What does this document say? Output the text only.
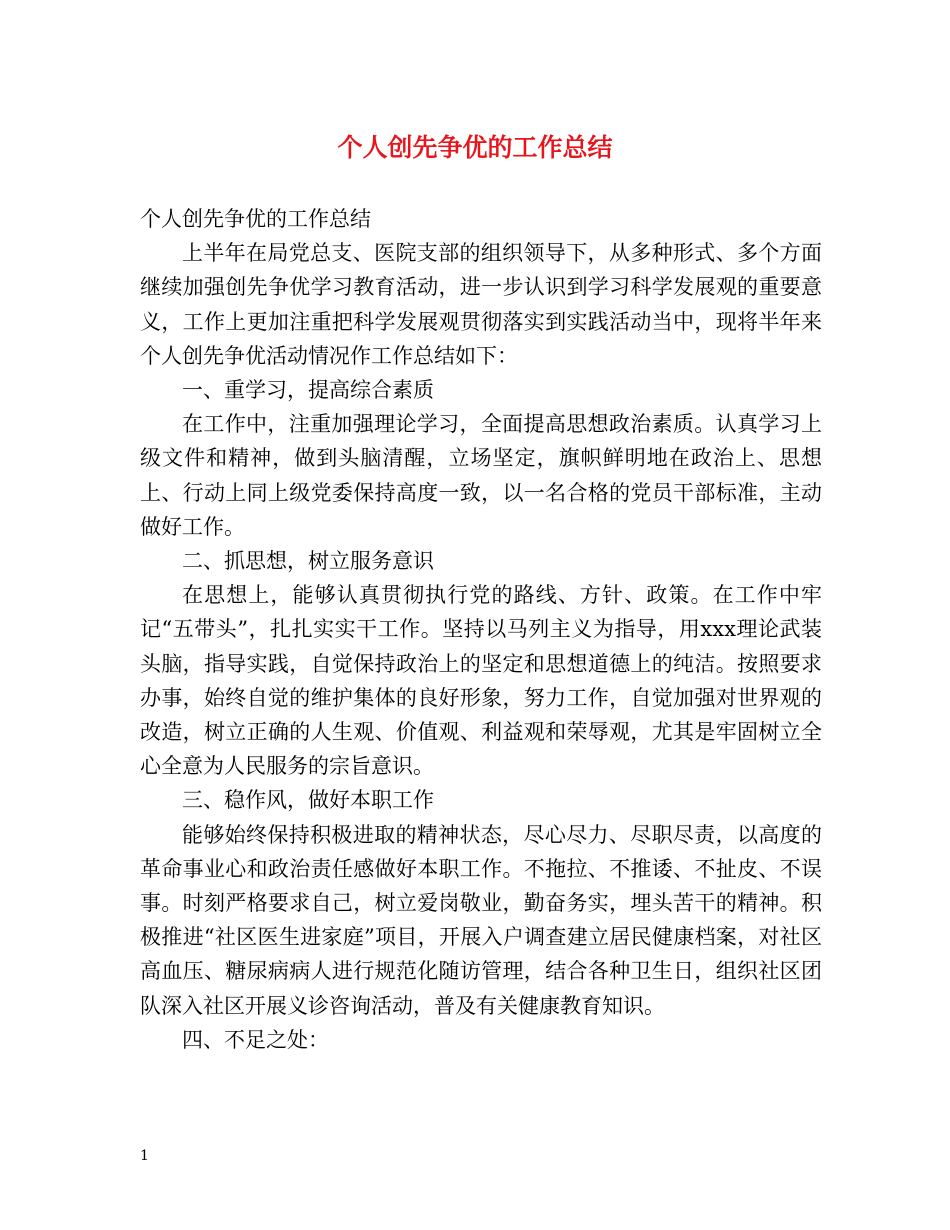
个人创先争优的工作总结

个人创先争优的工作总结

上半年在局党总支、医院支部的组织领导下，从多种形式、多个方面继续加强创先争优学习教育活动，进一步认识到学习科学发展观的重要意义，工作上更加注重把科学发展观贯彻落实到实践活动当中，现将半年来个人创先争优活动情况作工作总结如下：

一、重学习，提高综合素质

在工作中，注重加强理论学习，全面提高思想政治素质。认真学习上级文件和精神，做到头脑清醒，立场坚定，旗帜鲜明地在政治上、思想上、行动上同上级党委保持高度一致，以一名合格的党员干部标准，主动做好工作。

二、抓思想，树立服务意识

在思想上，能够认真贯彻执行党的路线、方针、政策。在工作中牢记“五带头”，扎扎实实干工作。坚持以马列主义为指导，用xxx理论武装头脑，指导实践，自觉保持政治上的坚定和思想道德上的纯洁。按照要求办事，始终自觉的维护集体的良好形象，努力工作，自觉加强对世界观的改造，树立正确的人生观、价值观、利益观和荣辱观，尤其是牢固树立全心全意为人民服务的宗旨意识。

三、稳作风，做好本职工作

能够始终保持积极进取的精神状态，尽心尽力、尽职尽责，以高度的革命事业心和政治责任感做好本职工作。不拖拉、不推诿、不扯皮、不误事。时刻严格要求自己，树立爱岗敬业，勤奋务实，埋头苦干的精神。积极推进“社区医生进家庭”项目，开展入户调查建立居民健康档案，对社区高血压、糖尿病病人进行规范化随访管理，结合各种卫生日，组织社区团队深入社区开展义诊咨询活动，普及有关健康教育知识。

四、不足之处：

1
